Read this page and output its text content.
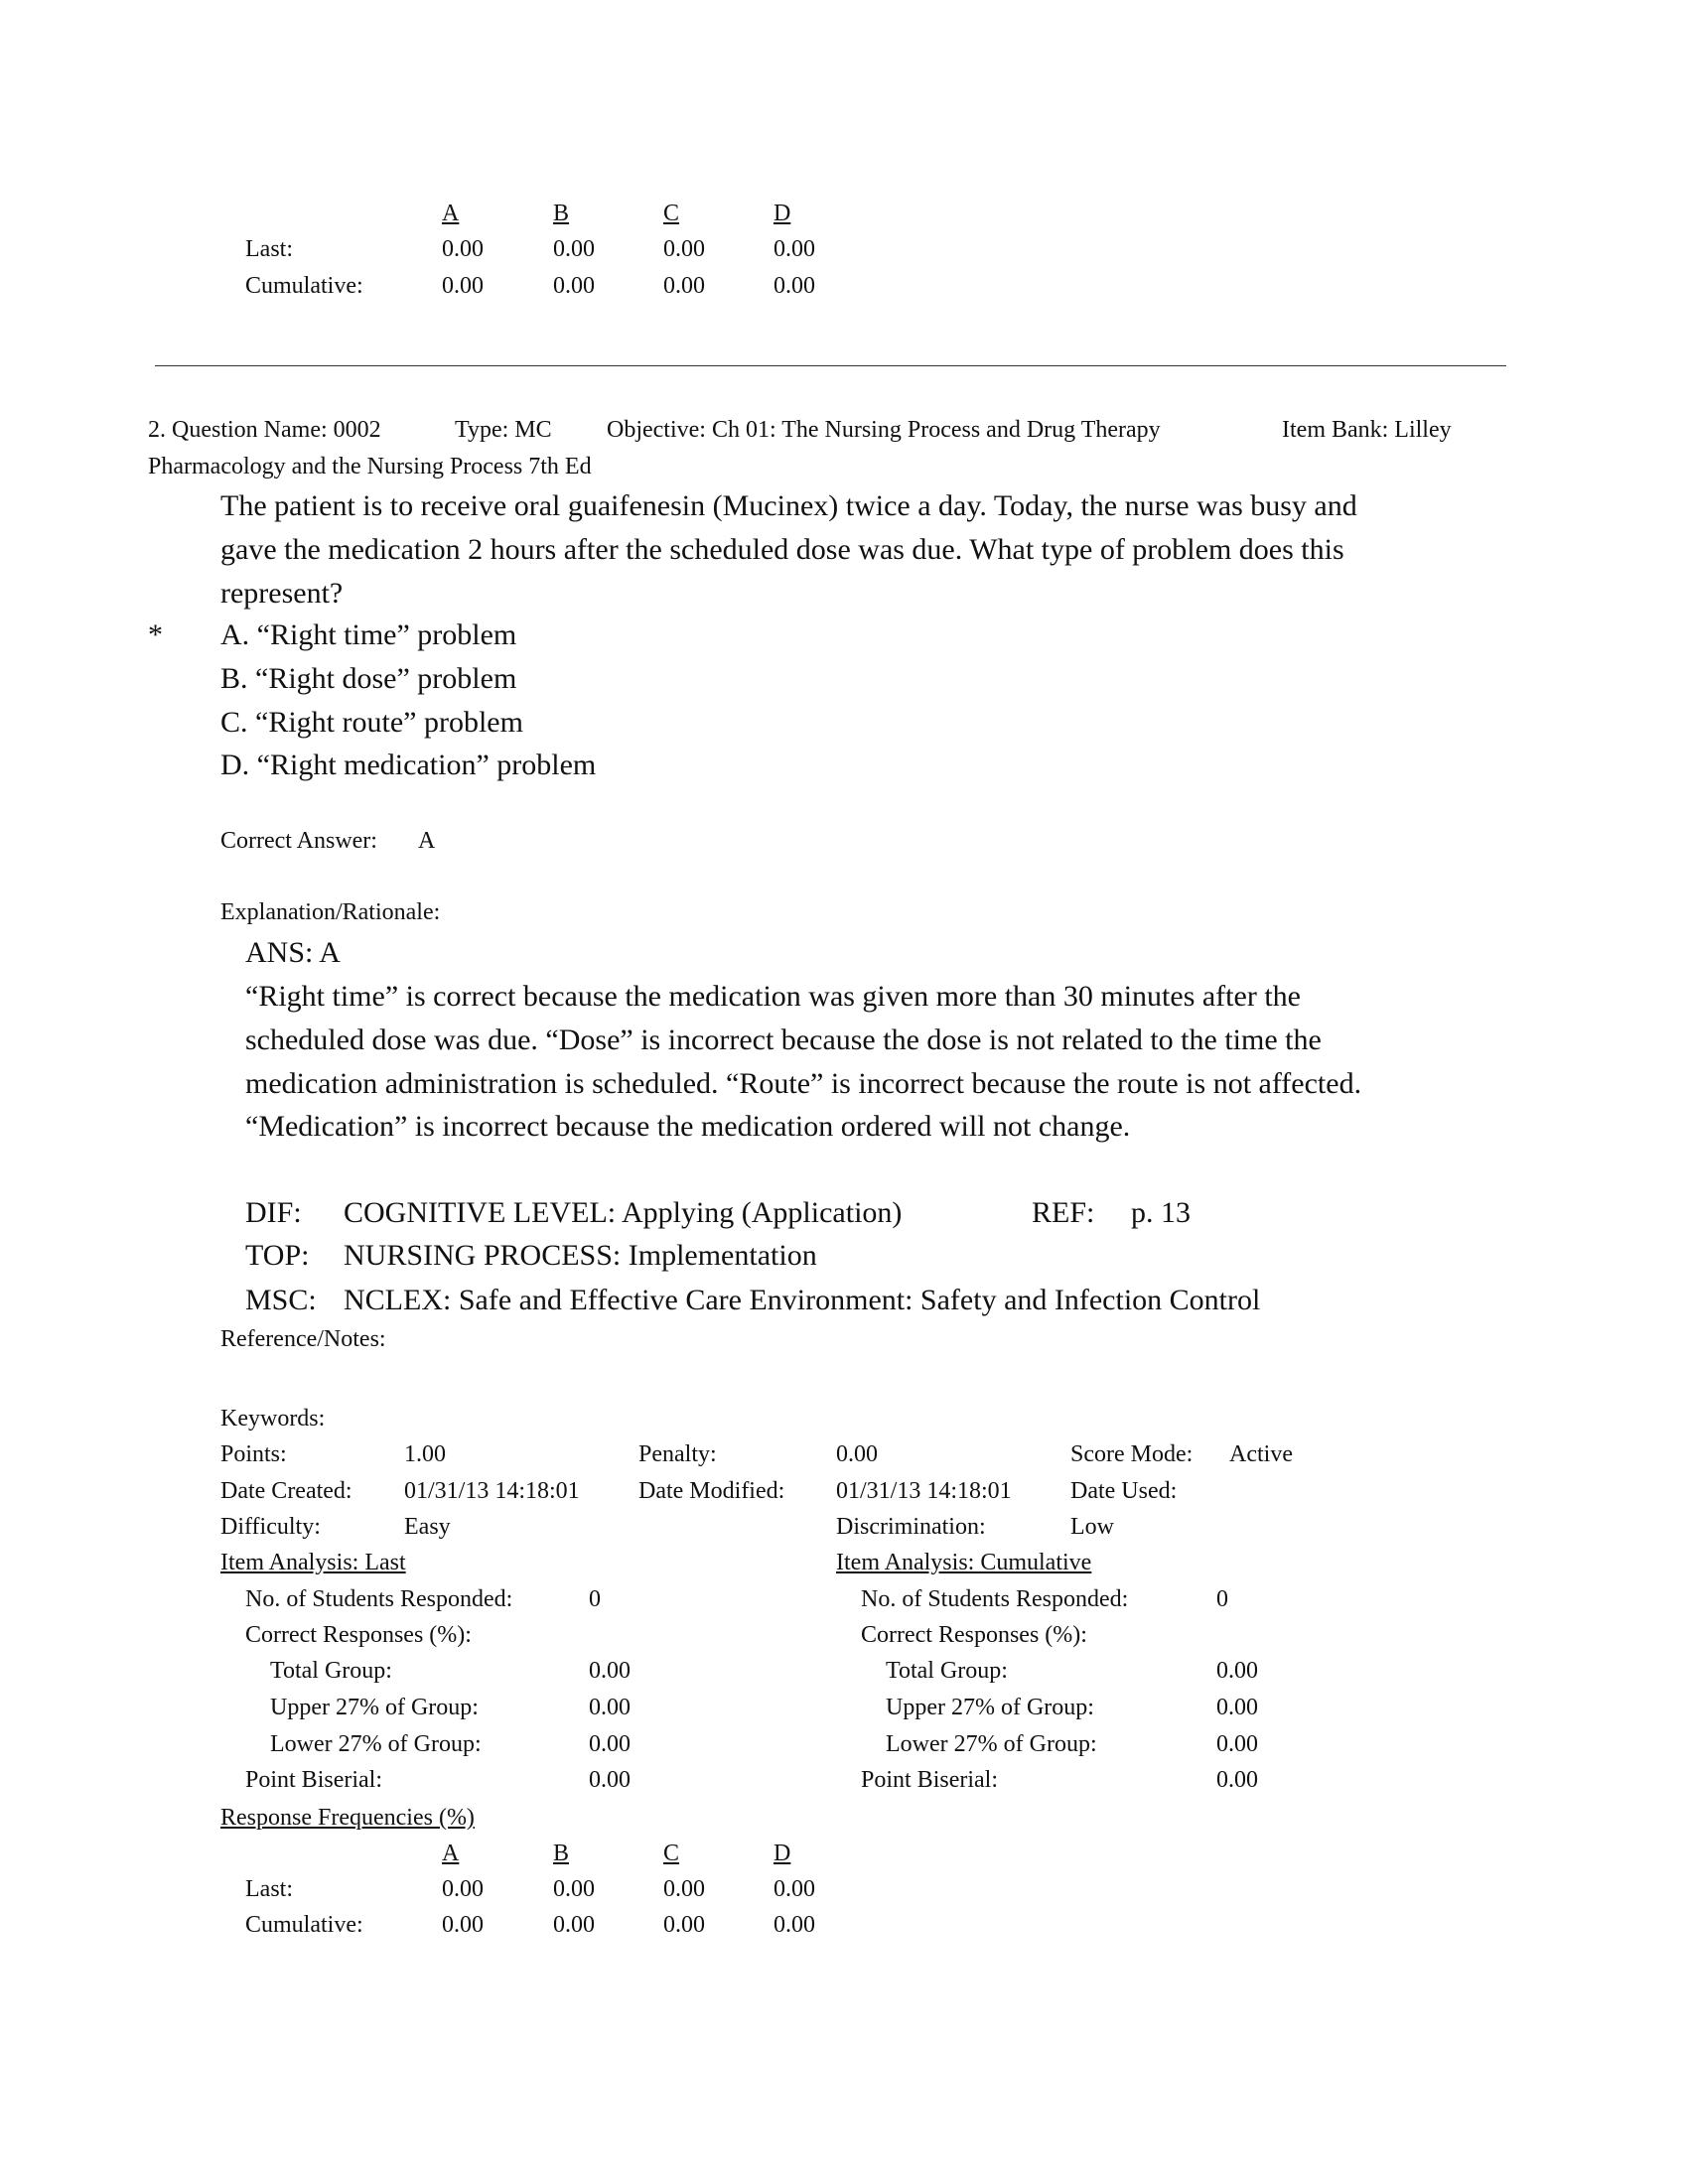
A	B	C	D
Last:	0.00	0.00	0.00	0.00
Cumulative:	0.00	0.00	0.00	0.00
2. Question Name: 0002	Type: MC Objective: Ch 01: The Nursing Process and Drug Therapy	Item Bank: Lilley
Pharmacology and the Nursing Process 7th Ed
The patient is to receive oral guaifenesin (Mucinex) twice a day. Today, the nurse was busy and
gave the medication 2 hours after the scheduled dose was due. What type of problem does this
represent?
* A. “Right time” problem
B. “Right dose” problem
C. “Right route” problem
D. “Right medication” problem
Correct Answer: A
Explanation/Rationale:
ANS: A
“Right time” is correct because the medication was given more than 30 minutes after the
scheduled dose was due. “Dose” is incorrect because the dose is not related to the time the
medication administration is scheduled. “Route” is incorrect because the route is not affected.
“Medication” is incorrect because the medication ordered will not change.
DIF: COGNITIVE LEVEL: Applying (Application)	REF: p. 13
TOP: NURSING PROCESS: Implementation
MSC: NCLEX: Safe and Effective Care Environment: Safety and Infection Control
Reference/Notes:
Keywords:
Points:	1.00	Penalty:	0.00	Score Mode: Active
Date Created: 01/31/13 14:18:01 Date Modified: 01/31/13 14:18:01 Date Used:
Difficulty:	Easy	Discrimination:	Low
Item Analysis: Last
No. of Students Responded:	0
Correct Responses (%):
Total Group:	0.00
Upper 27% of Group:	0.00
Lower 27% of Group:	0.00
Point Biserial:	0.00
Item Analysis: Cumulative
No. of Students Responded:	0
Correct Responses (%):
Total Group:	0.00
Upper 27% of Group:	0.00
Lower 27% of Group:	0.00
Point Biserial:	0.00
Response Frequencies (%)
A	B	C	D
Last:	0.00	0.00	0.00	0.00
Cumulative:	0.00	0.00	0.00	0.00
